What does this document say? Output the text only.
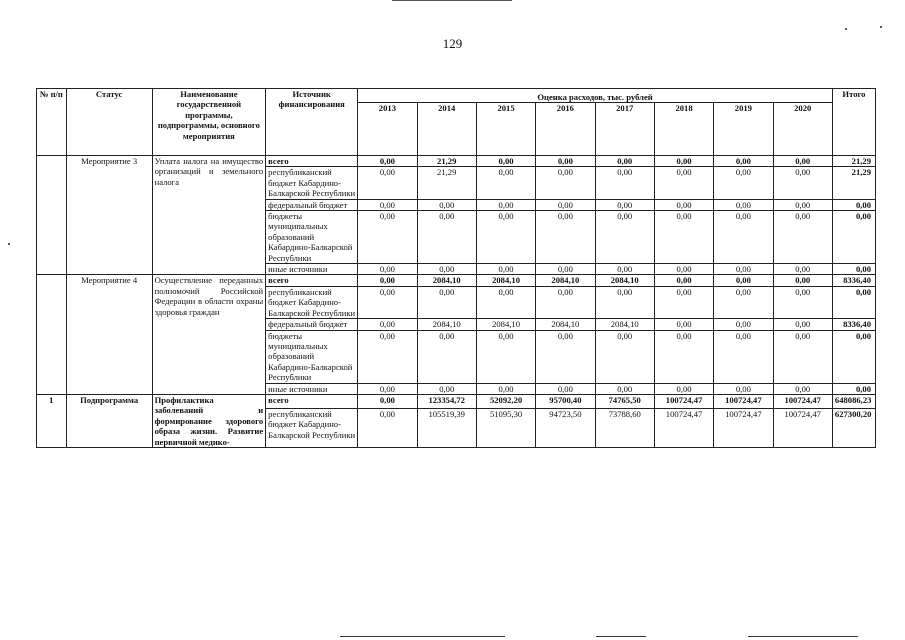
129
№ п/п	Статус	Наименование государственной программы, подпрограммы, основного мероприятия	Источник финансирования	Оценка расходов, тыс. рублей								Итого
				2013	2014	2015	2016	2017	2018	2019	2020	
	Мероприятие 3	Уплата налога на имущество организаций и земельного налога	всего	0,00	21,29	0,00	0,00	0,00	0,00	0,00	0,00	21,29
			республиканский бюджет Кабардино-Балкарской Республики	0,00	21,29	0,00	0,00	0,00	0,00	0,00	0,00	21,29
			федеральный бюджет	0,00	0,00	0,00	0,00	0,00	0,00	0,00	0,00	0,00
			бюджеты муниципальных образований Кабардино-Балкарской Республики	0,00	0,00	0,00	0,00	0,00	0,00	0,00	0,00	0,00
			иные источники	0,00	0,00	0,00	0,00	0,00	0,00	0,00	0,00	0,00
	Мероприятие 4	Осуществление переданных полномочий Российской Федерации в области охраны здоровья граждан	всего	0,00	2084,10	2084,10	2084,10	2084,10	0,00	0,00	0,00	8336,40
			республиканский бюджет Кабардино-Балкарской Республики	0,00	0,00	0,00	0,00	0,00	0,00	0,00	0,00	0,00
			федеральный бюджет	0,00	2084,10	2084,10	2084,10	2084,10	0,00	0,00	0,00	8336,40
			бюджеты муниципальных образований Кабардино-Балкарской Республики	0,00	0,00	0,00	0,00	0,00	0,00	0,00	0,00	0,00
			иные источники	0,00	0,00	0,00	0,00	0,00	0,00	0,00	0,00	0,00
1	Подпрограмма	Профилактика заболеваний и формирование здорового образа жизни. Развитие первичной медико-	всего	0,00	123354,72	52092,20	95700,40	74765,50	100724,47	100724,47	100724,47	648086,23
			республиканский бюджет Кабардино-Балкарской Республики	0,00	105519,39	51095,30	94723,50	73788,60	100724,47	100724,47	100724,47	627300,20
